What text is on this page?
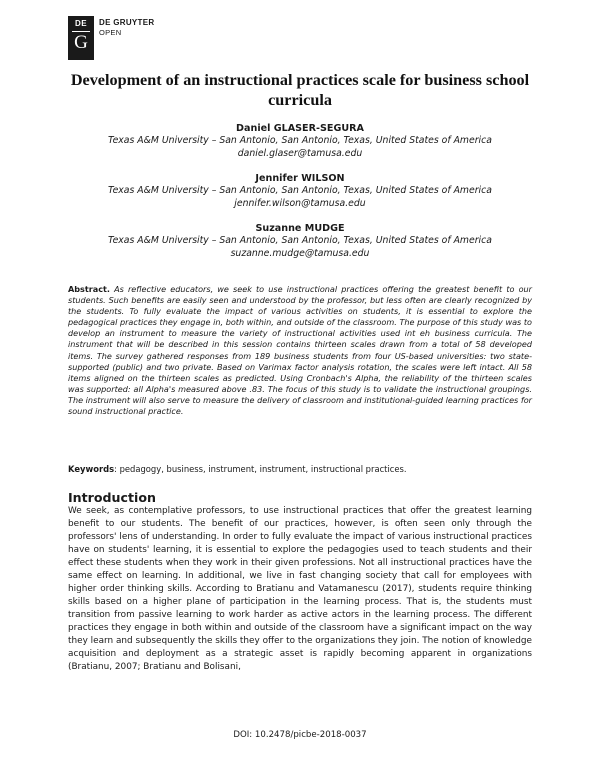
DE
G
DE GRUYTER
OPEN
Development of an instructional practices scale for business school curricula
Daniel GLASER-SEGURA
Texas A&M University – San Antonio, San Antonio, Texas, United States of America
daniel.glaser@tamusa.edu
Jennifer WILSON
Texas A&M University – San Antonio, San Antonio, Texas, United States of America
jennifer.wilson@tamusa.edu
Suzanne MUDGE
Texas A&M University – San Antonio, San Antonio, Texas, United States of America
suzanne.mudge@tamusa.edu
Abstract. As reflective educators, we seek to use instructional practices offering the greatest benefit to our students. Such benefits are easily seen and understood by the professor, but less often are clearly recognized by the students. To fully evaluate the impact of various activities on students, it is essential to explore the pedagogical practices they engage in, both within, and outside of the classroom. The purpose of this study was to develop an instrument to measure the variety of instructional activities used int eh business curricula. The instrument that will be described in this session contains thirteen scales drawn from a total of 58 developed items. The survey gathered responses from 189 business students from four US-based universities: two state-supported (public) and two private. Based on Varimax factor analysis rotation, the scales were left intact. All 58 items aligned on the thirteen scales as predicted. Using Cronbach's Alpha, the reliability of the thirteen scales was supported: all Alpha's measured above .83. The focus of this study is to validate the instructional groupings. The instrument will also serve to measure the delivery of classroom and institutional-guided learning practices for sound instructional practice.
Keywords: pedagogy, business, instrument, instrument, instructional practices.
Introduction
We seek, as contemplative professors, to use instructional practices that offer the greatest learning benefit to our students. The benefit of our practices, however, is often seen only through the professors' lens of understanding. In order to fully evaluate the impact of various instructional practices have on students' learning, it is essential to explore the pedagogies used to teach students and their effect these students when they work in their given professions. Not all instructional practices have the same effect on learning. In additional, we live in fast changing society that call for employees with higher order thinking skills. According to Bratianu and Vatamanescu (2017), students require thinking skills based on a higher plane of participation in the learning process. That is, the students must transition from passive learning to work harder as active actors in the learning process. The different practices they engage in both within and outside of the classroom have a significant impact on the way they learn and subsequently the skills they offer to the organizations they join. The notion of knowledge acquisition and deployment as a strategic asset is rapidly becoming apparent in organizations (Bratianu, 2007; Bratianu and Bolisani,
DOI: 10.2478/picbe-2018-0037
